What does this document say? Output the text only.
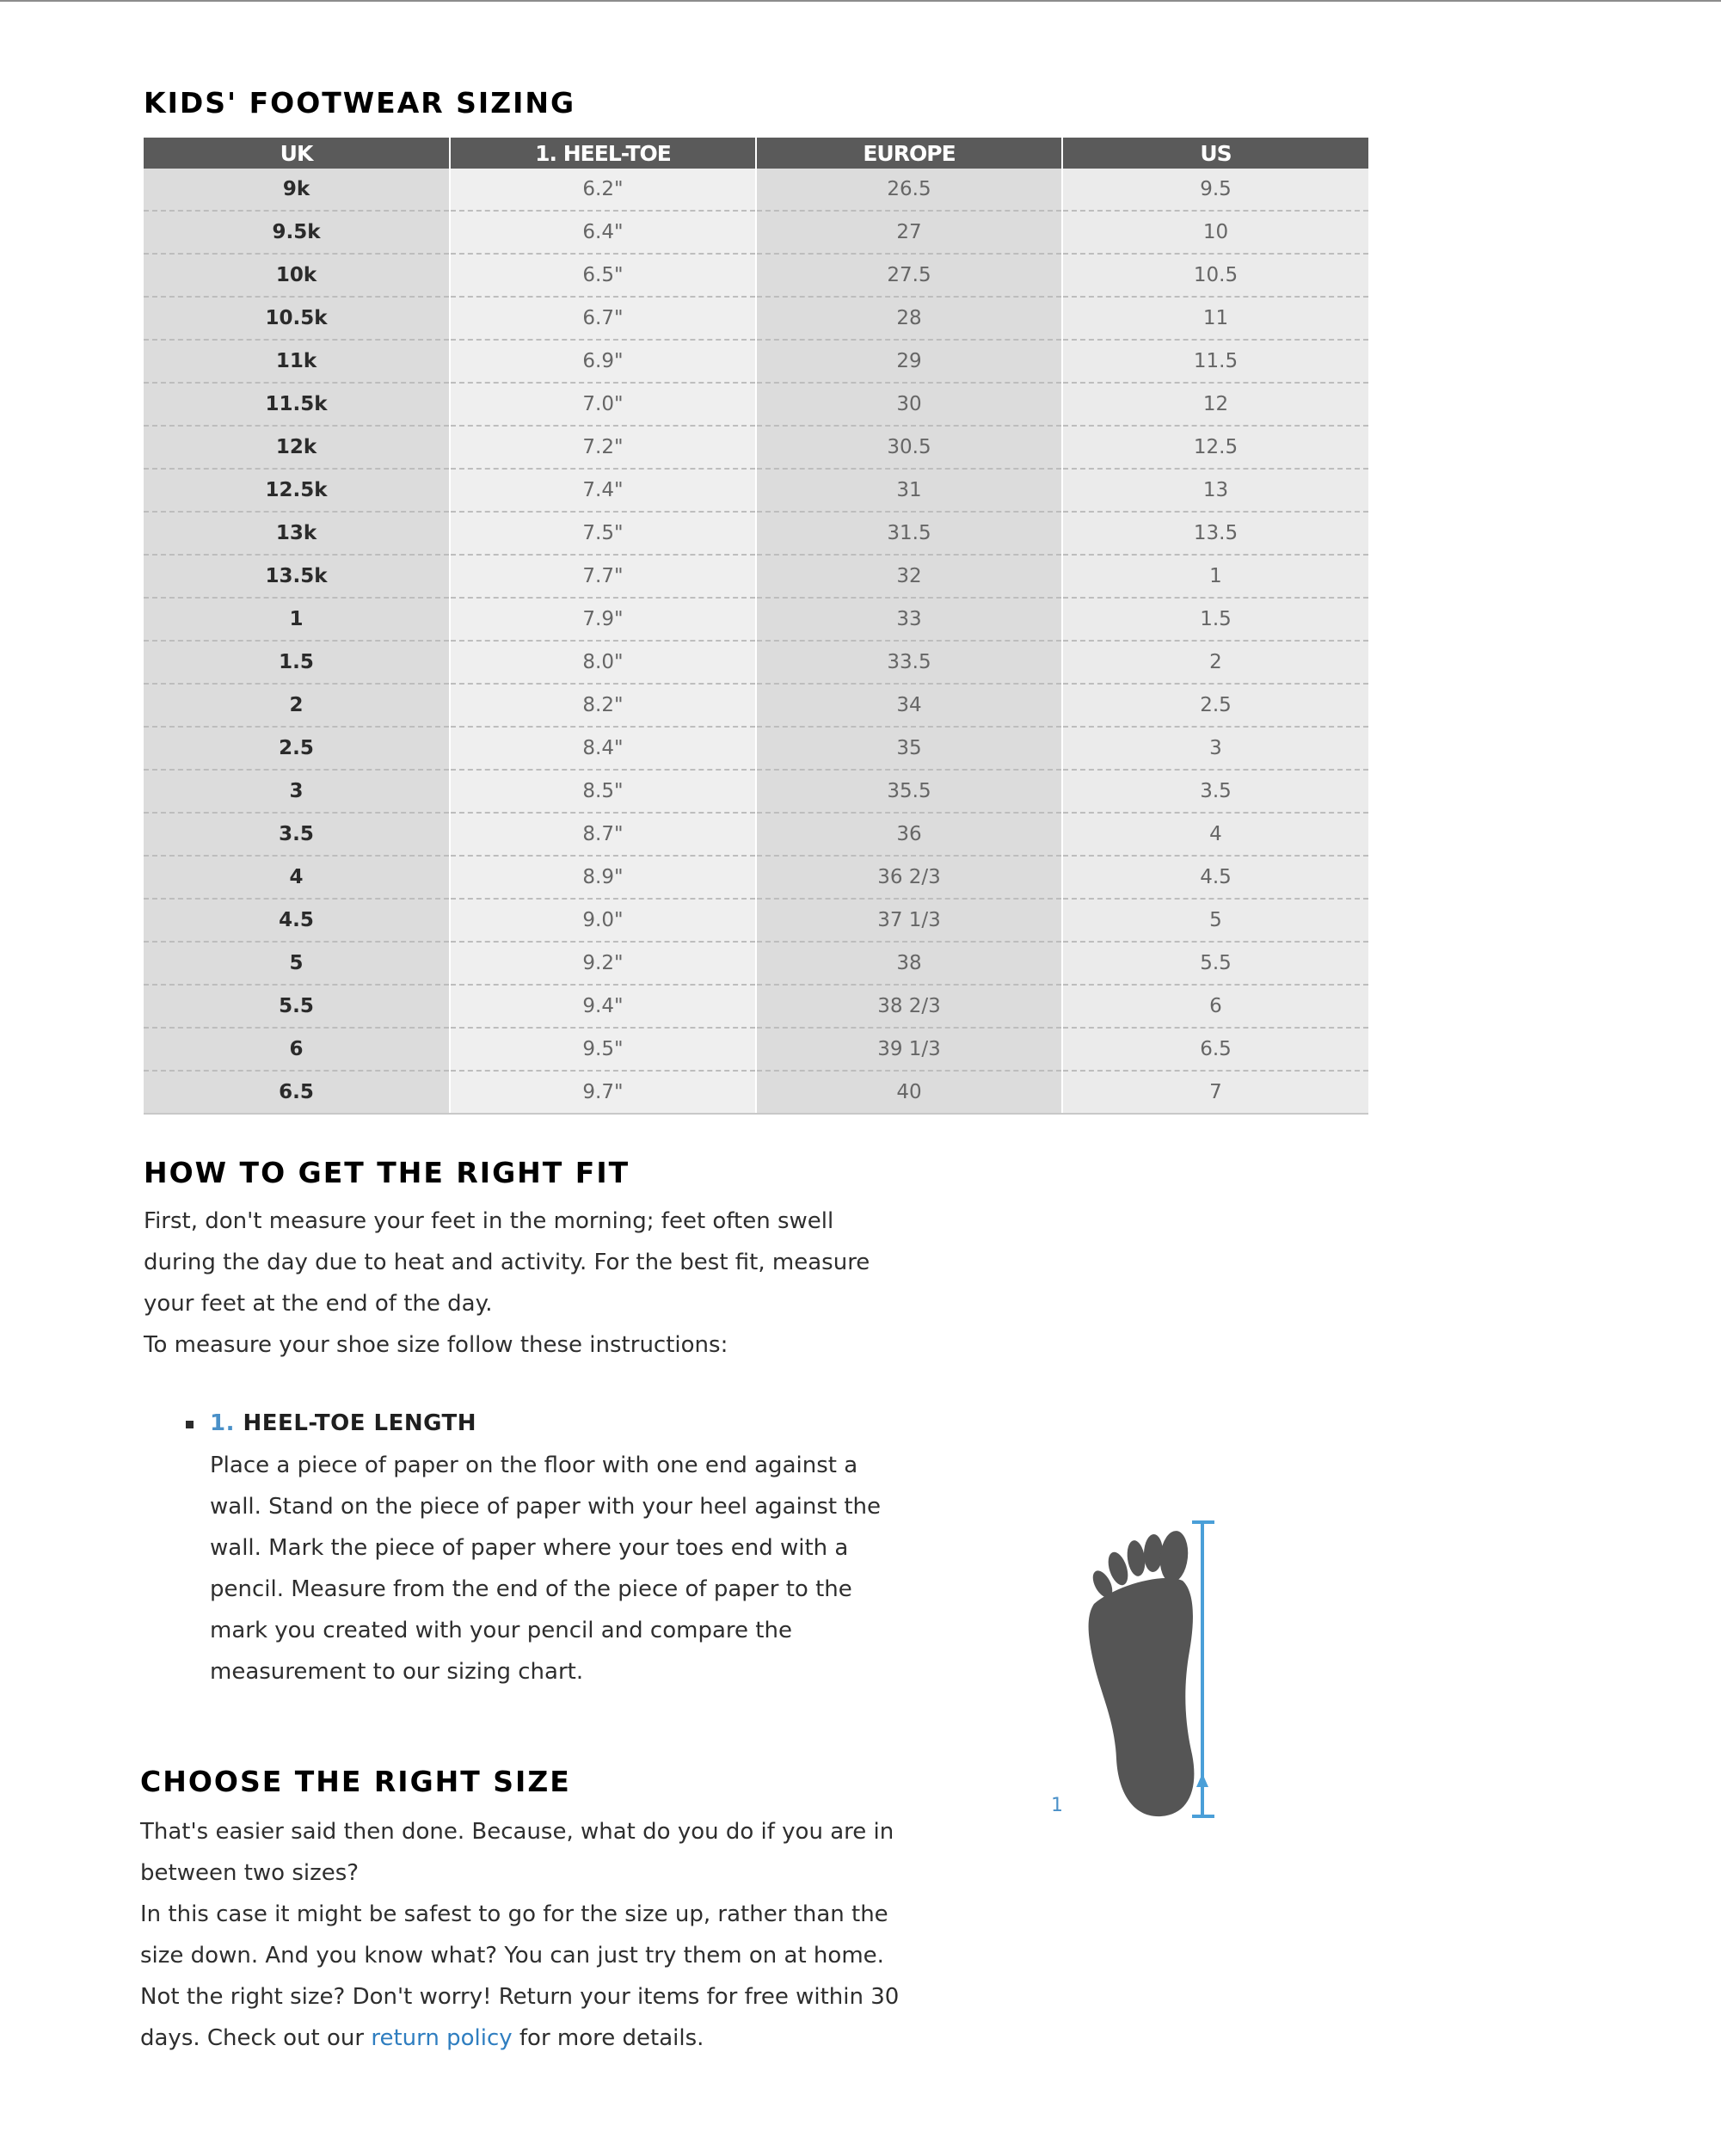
KIDS' FOOTWEAR SIZING
UK	1. HEEL-TOE	EUROPE	US
9k	6.2"	26.5	9.5
9.5k	6.4"	27	10
10k	6.5"	27.5	10.5
10.5k	6.7"	28	11
11k	6.9"	29	11.5
11.5k	7.0"	30	12
12k	7.2"	30.5	12.5
12.5k	7.4"	31	13
13k	7.5"	31.5	13.5
13.5k	7.7"	32	1
1	7.9"	33	1.5
1.5	8.0"	33.5	2
2	8.2"	34	2.5
2.5	8.4"	35	3
3	8.5"	35.5	3.5
3.5	8.7"	36	4
4	8.9"	36 2/3	4.5
4.5	9.0"	37 1/3	5
5	9.2"	38	5.5
5.5	9.4"	38 2/3	6
6	9.5"	39 1/3	6.5
6.5	9.7"	40	7
HOW TO GET THE RIGHT FIT

First, don't measure your feet in the morning; feet often swell during the day due to heat and activity. For the best fit, measure your feet at the end of the day.

To measure your shoe size follow these instructions:

1. HEEL-TOE LENGTH

Place a piece of paper on the floor with one end against a wall. Stand on the piece of paper with your heel against the wall. Mark the piece of paper where your toes end with a pencil. Measure from the end of the piece of paper to the mark you created with your pencil and compare the measurement to our sizing chart.

1
CHOOSE THE RIGHT SIZE

That's easier said then done. Because, what do you do if you are in between two sizes?

In this case it might be safest to go for the size up, rather than the size down. And you know what? You can just try them on at home.

Not the right size? Don't worry! Return your items for free within 30 days. Check out our return policy for more details.
